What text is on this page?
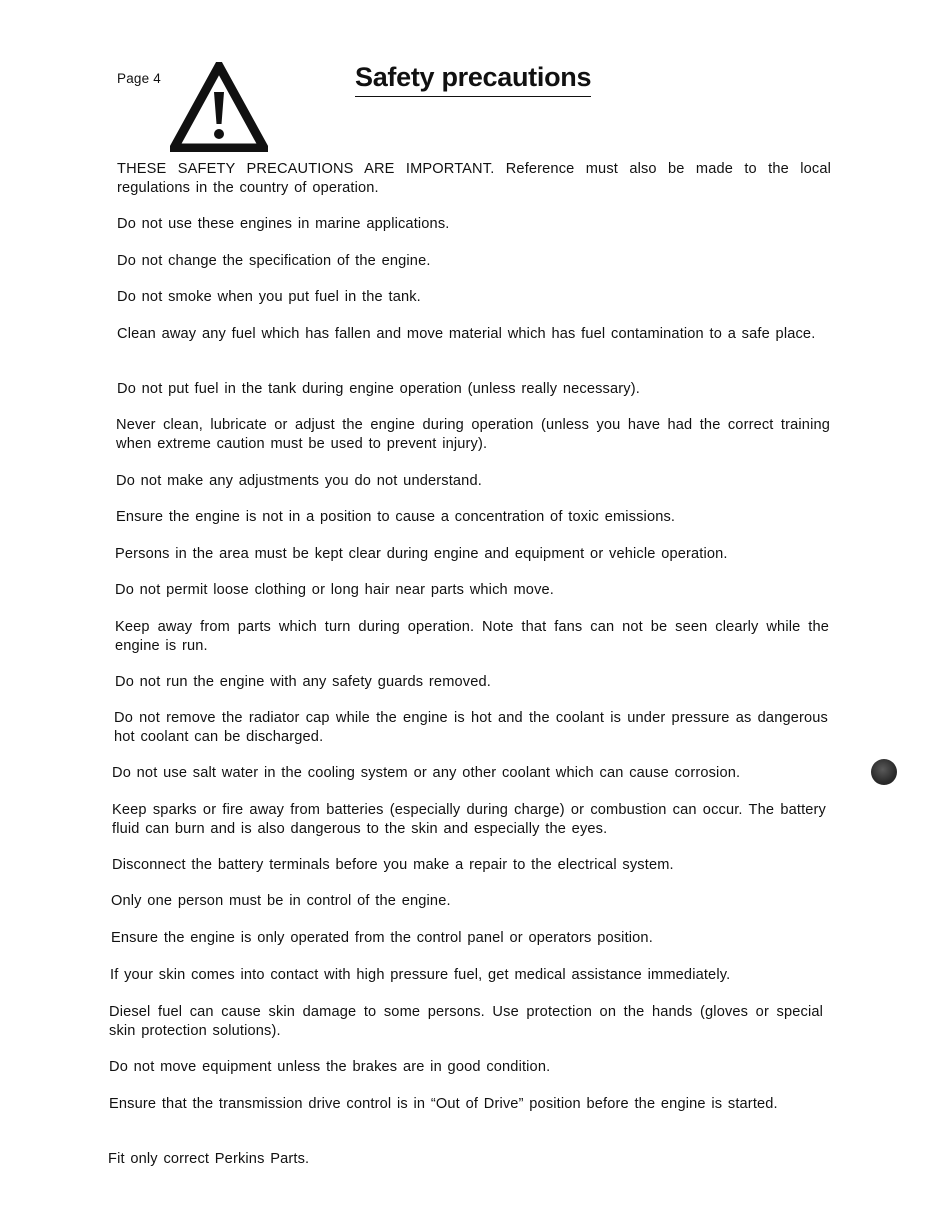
Page 4	Safety precautions
THESE SAFETY PRECAUTIONS ARE IMPORTANT. Reference must also be made to the local regulations in the country of operation.
Do not use these engines in marine applications.
Do not change the specification of the engine.
Do not smoke when you put fuel in the tank.
Clean away any fuel which has fallen and move material which has fuel contamination to a safe place.
Do not put fuel in the tank during engine operation (unless really necessary).
Never clean, lubricate or adjust the engine during operation (unless you have had the correct training when extreme caution must be used to prevent injury).
Do not make any adjustments you do not understand.
Ensure the engine is not in a position to cause a concentration of toxic emissions.
Persons in the area must be kept clear during engine and equipment or vehicle operation.
Do not permit loose clothing or long hair near parts which move.
Keep away from parts which turn during operation. Note that fans can not be seen clearly while the engine is run.
Do not run the engine with any safety guards removed.
Do not remove the radiator cap while the engine is hot and the coolant is under pressure as dangerous hot coolant can be discharged.
Do not use salt water in the cooling system or any other coolant which can cause corrosion.
Keep sparks or fire away from batteries (especially during charge) or combustion can occur. The battery fluid can burn and is also dangerous to the skin and especially the eyes.
Disconnect the battery terminals before you make a repair to the electrical system.
Only one person must be in control of the engine.
Ensure the engine is only operated from the control panel or operators position.
If your skin comes into contact with high pressure fuel, get medical assistance immediately.
Diesel fuel can cause skin damage to some persons. Use protection on the hands (gloves or special skin protection solutions).
Do not move equipment unless the brakes are in good condition.
Ensure that the transmission drive control is in “Out of Drive” position before the engine is started.
Fit only correct Perkins Parts.
